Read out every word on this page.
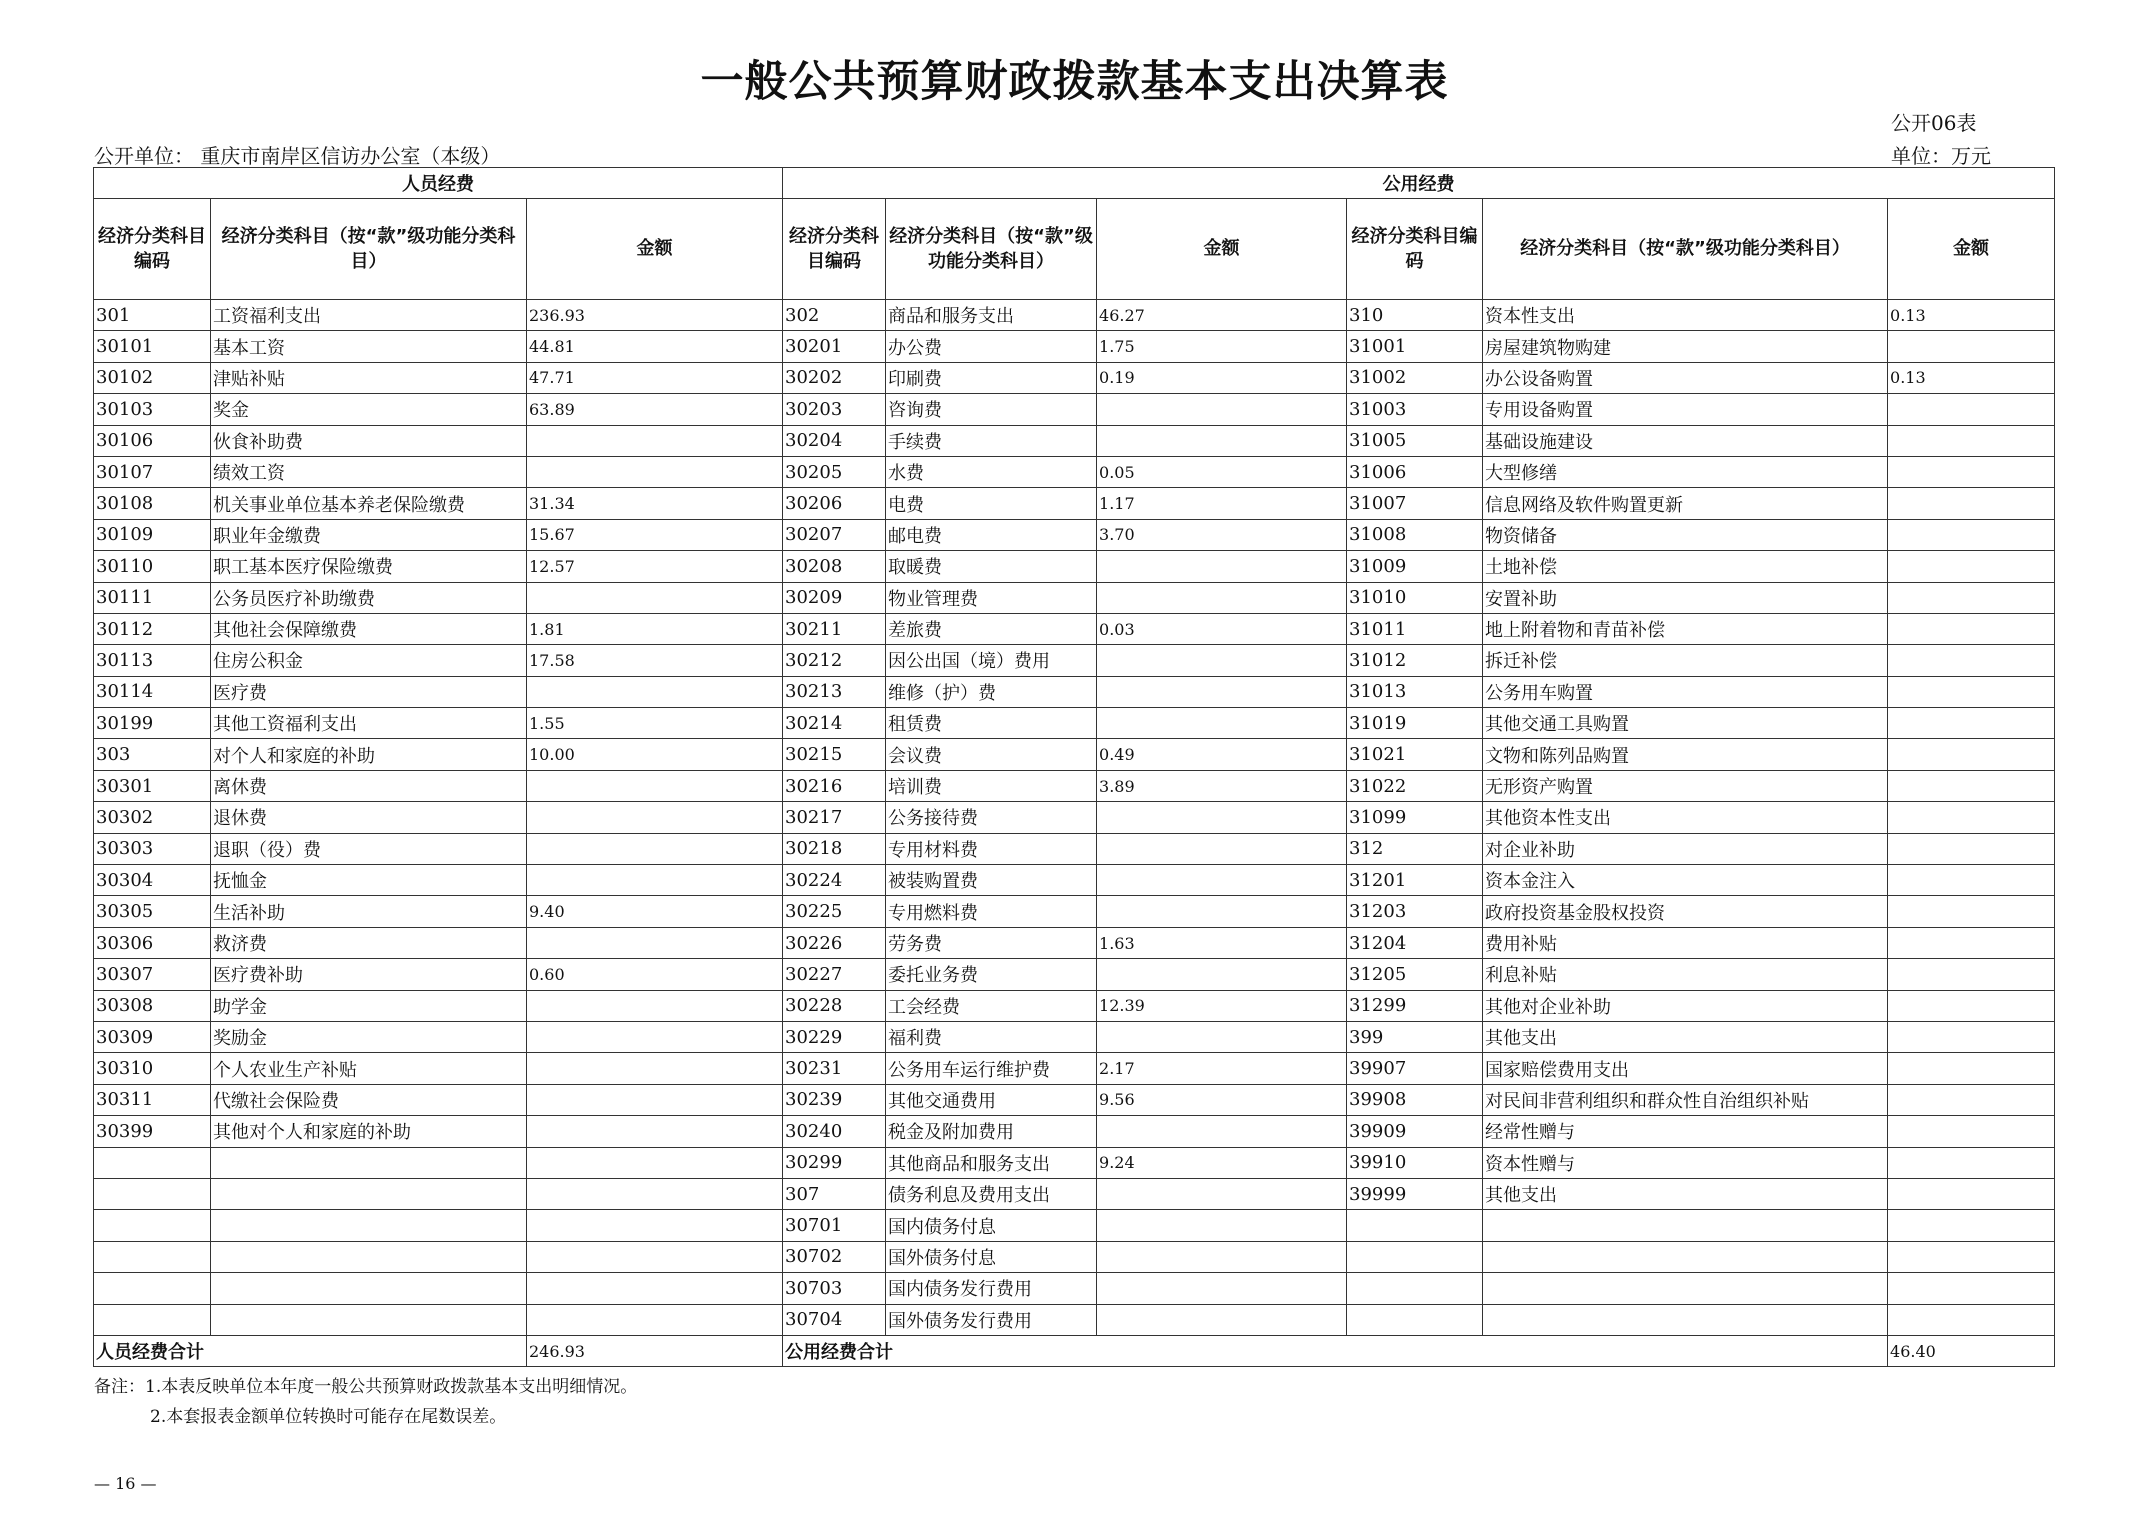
一般公共预算财政拨款基本支出决算表
公开06表
公开单位： 重庆市南岸区信访办公室（本级）	单位：万元
人员经费			公用经费					
经济分类科目编码	经济分类科目（按“款”级功能分类科目）	金额	经济分类科目编码	经济分类科目（按“款”级功能分类科目）	金额	经济分类科目编码	经济分类科目（按“款”级功能分类科目）	金额
301	工资福利支出	236.93	302	商品和服务支出	46.27	310	资本性支出	0.13
30101	基本工资	44.81	30201	办公费	1.75	31001	房屋建筑物购建	
30102	津贴补贴	47.71	30202	印刷费	0.19	31002	办公设备购置	0.13
30103	奖金	63.89	30203	咨询费		31003	专用设备购置	
30106	伙食补助费		30204	手续费		31005	基础设施建设	
30107	绩效工资		30205	水费	0.05	31006	大型修缮	
30108	机关事业单位基本养老保险缴费	31.34	30206	电费	1.17	31007	信息网络及软件购置更新	
30109	职业年金缴费	15.67	30207	邮电费	3.70	31008	物资储备	
30110	职工基本医疗保险缴费	12.57	30208	取暖费		31009	土地补偿	
30111	公务员医疗补助缴费		30209	物业管理费		31010	安置补助	
30112	其他社会保障缴费	1.81	30211	差旅费	0.03	31011	地上附着物和青苗补偿	
30113	住房公积金	17.58	30212	因公出国（境）费用		31012	拆迁补偿	
30114	医疗费		30213	维修（护）费		31013	公务用车购置	
30199	其他工资福利支出	1.55	30214	租赁费		31019	其他交通工具购置	
303	对个人和家庭的补助	10.00	30215	会议费	0.49	31021	文物和陈列品购置	
30301	离休费		30216	培训费	3.89	31022	无形资产购置	
30302	退休费		30217	公务接待费		31099	其他资本性支出	
30303	退职（役）费		30218	专用材料费		312	对企业补助	
30304	抚恤金		30224	被装购置费		31201	资本金注入	
30305	生活补助	9.40	30225	专用燃料费		31203	政府投资基金股权投资	
30306	救济费		30226	劳务费	1.63	31204	费用补贴	
30307	医疗费补助	0.60	30227	委托业务费		31205	利息补贴	
30308	助学金		30228	工会经费	12.39	31299	其他对企业补助	
30309	奖励金		30229	福利费		399	其他支出	
30310	个人农业生产补贴		30231	公务用车运行维护费	2.17	39907	国家赔偿费用支出	
30311	代缴社会保险费		30239	其他交通费用	9.56	39908	对民间非营利组织和群众性自治组织补贴	
30399	其他对个人和家庭的补助		30240	税金及附加费用		39909	经常性赠与	
			30299	其他商品和服务支出	9.24	39910	资本性赠与	
			307	债务利息及费用支出		39999	其他支出	
			30701	国内债务付息				
			30702	国外债务付息				
			30703	国内债务发行费用				
			30704	国外债务发行费用				
人员经费合计		246.93	公用经费合计					46.40
备注：1.本表反映单位本年度一般公共预算财政拨款基本支出明细情况。
2.本套报表金额单位转换时可能存在尾数误差。
— 16 —
